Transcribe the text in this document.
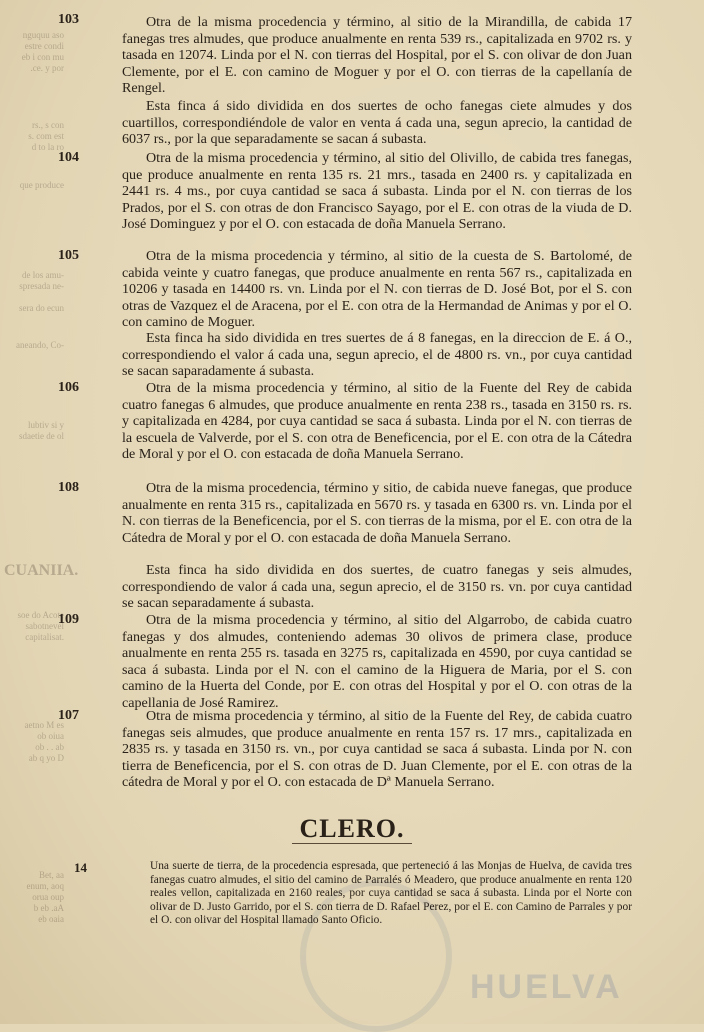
nguquu aso
estre condi
eb i con mu
.ce. y por
rs., s con
s. com est
d to la ro
que produce
de los amu-
spresada ne-

sera do ecun
aneando, Co-
lubtiv si y
sdaetie de ol
CUANIIA.
soe do Acote
sabotnevel
capitalisat.
aetno M es
ob oiua
ob . . ab
ab q yo D
Bet, aa
enum, aoq
orua oup
b eb .aA
eb oaia
HUELVA
103	Otra de la misma procedencia y término, al sitio de la Mirandilla, de cabida 17 fanegas tres almudes, que produce anualmente en renta 539 rs., capitalizada en 9702 rs. y tasada en 12074. Linda por el N. con tierras del Hospital, por el S. con olivar de don Juan Clemente, por el E. con camino de Moguer y por el O. con tierras de la capellanía de Rengel.
Esta finca á sido dividida en dos suertes de ocho fanegas ciete almudes y dos cuartillos, correspondiéndole de valor en venta á cada una, segun aprecio, la cantidad de 6037 rs., por la que separadamente se sacan á subasta.
104	Otra de la misma procedencia y término, al sitio del Olivillo, de cabida tres fanegas, que produce anualmente en renta 135 rs. 21 mrs., tasada en 2400 rs. y capitalizada en 2441 rs. 4 ms., por cuya cantidad se saca á subasta. Linda por el N. con tierras de los Prados, por el S. con otras de don Francisco Sayago, por el E. con otras de la viuda de D. José Dominguez y por el O. con estacada de doña Manuela Serrano.
105	Otra de la misma procedencia y término, al sitio de la cuesta de S. Bartolomé, de cabida veinte y cuatro fanegas, que produce anualmente en renta 567 rs., capitalizada en 10206 y tasada en 14400 rs. vn. Linda por el N. con tierras de D. José Bot, por el S. con otras de Vazquez el de Aracena, por el E. con otra de la Hermandad de Animas y por el O. con camino de Moguer.
Esta finca ha sido dividida en tres suertes de á 8 fanegas, en la direccion de E. á O., correspondiendo el valor á cada una, segun aprecio, el de 4800 rs. vn., por cuya cantidad se sacan saparadamente á subasta.
106	Otra de la misma procedencia y término, al sitio de la Fuente del Rey de cabida cuatro fanegas 6 almudes, que produce anualmente en renta 238 rs., tasada en 3150 rs. rs. y capitalizada en 4284, por cuya cantidad se saca á subasta. Linda por el N. con tierras de la escuela de Valverde, por el S. con otra de Beneficencia, por el E. con otra de la Cátedra de Moral y por el O. con estacada de doña Manuela Serrano.
108	Otra de la misma procedencia, término y sitio, de cabida nueve fanegas, que produce anualmente en renta 315 rs., capitalizada en 5670 rs. y tasada en 6300 rs. vn. Linda por el N. con tierras de la Beneficencia, por el S. con tierras de la misma, por el E. con otra de la Cátedra de Moral y por el O. con estacada de doña Manuela Serrano.
Esta finca ha sido dividida en dos suertes, de cuatro fanegas y seis almudes, correspondiendo de valor á cada una, segun aprecio, el de 3150 rs. vn. por cuya cantidad se sacan separadamente á subasta.
109	Otra de la misma procedencia y término, al sitio del Algarrobo, de cabida cuatro fanegas y dos almudes, conteniendo ademas 30 olivos de primera clase, produce anualmente en renta 255 rs. tasada en 3275 rs, capitalizada en 4590, por cuya cantidad se saca á subasta. Linda por el N. con el camino de la Higuera de Maria, por el S. con camino de la Huerta del Conde, por E. con otras del Hospital y por el O. con otras de la capellania de José Ramirez.
107	Otra de misma procedencia y término, al sitio de la Fuente del Rey, de cabida cuatro fanegas seis almudes, que produce anualmente en renta 157 rs. 17 mrs., capitalizada en 2835 rs. y tasada en 3150 rs. vn., por cuya cantidad se saca á subasta. Linda por N. con tierra de Beneficencia, por el S. con otras de D. Juan Clemente, por el E. con otras de la cátedra de Moral y por el O. con estacada de Dª Manuela Serrano.
CLERO.
14	Una suerte de tierra, de la procedencia espresada, que perteneció á las Monjas de Huelva, de cavida tres fanegas cuatro almudes, el sitio del camino de Parralés ó Meadero, que produce anualmente en renta 120 reales vellon, capitalizada en 2160 reales, por cuya cantidad se saca á subasta. Linda por el Norte con olivar de D. Justo Garrido, por el S. con tierra de D. Rafael Perez, por el E. con Camino de Parrales y por el O. con olivar del Hospital llamado Santo Oficio.
